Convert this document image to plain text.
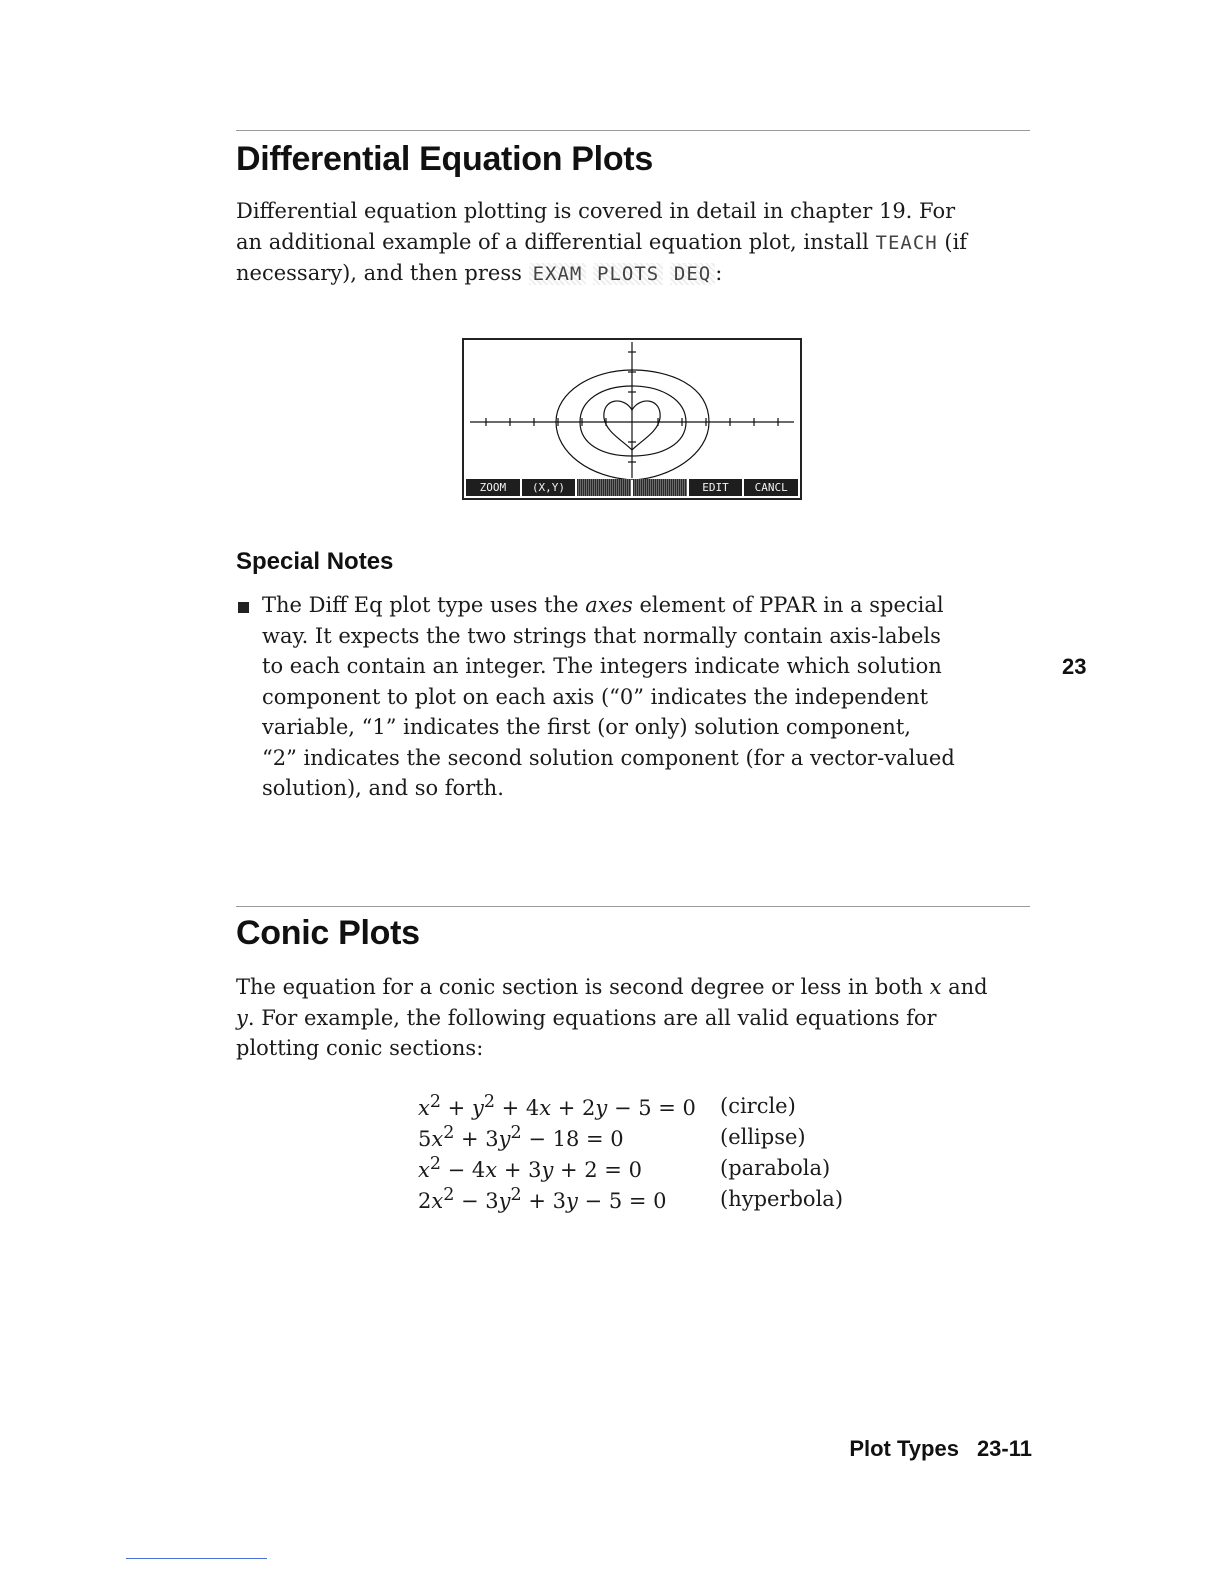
Differential Equation Plots
Differential equation plotting is covered in detail in chapter 19. For
an additional example of a differential equation plot, install TEACH (if
necessary), and then press EXAM PLOTS DEQ :
ZOOM	(X,Y)	EDIT	CANCL
Special Notes
The Diff Eq plot type uses the axes element of PPAR in a special
way. It expects the two strings that normally contain axis-labels
to each contain an integer. The integers indicate which solution
component to plot on each axis (“0” indicates the independent
variable, “1” indicates the first (or only) solution component,
“2” indicates the second solution component (for a vector-valued
solution), and so forth.
23
Conic Plots
The equation for a conic section is second degree or less in both x and
y. For example, the following equations are all valid equations for
plotting conic sections:
$x^2 + y^2 + 4x + 2y - 5 = 0$	(circle)
$5x^2 + 3y^2 - 18 = 0$	(ellipse)
$x^2 - 4x + 3y + 2 = 0$	(parabola)
$2x^2 - 3y^2 + 3y - 5 = 0$	(hyperbola)
Plot Types 23-11
